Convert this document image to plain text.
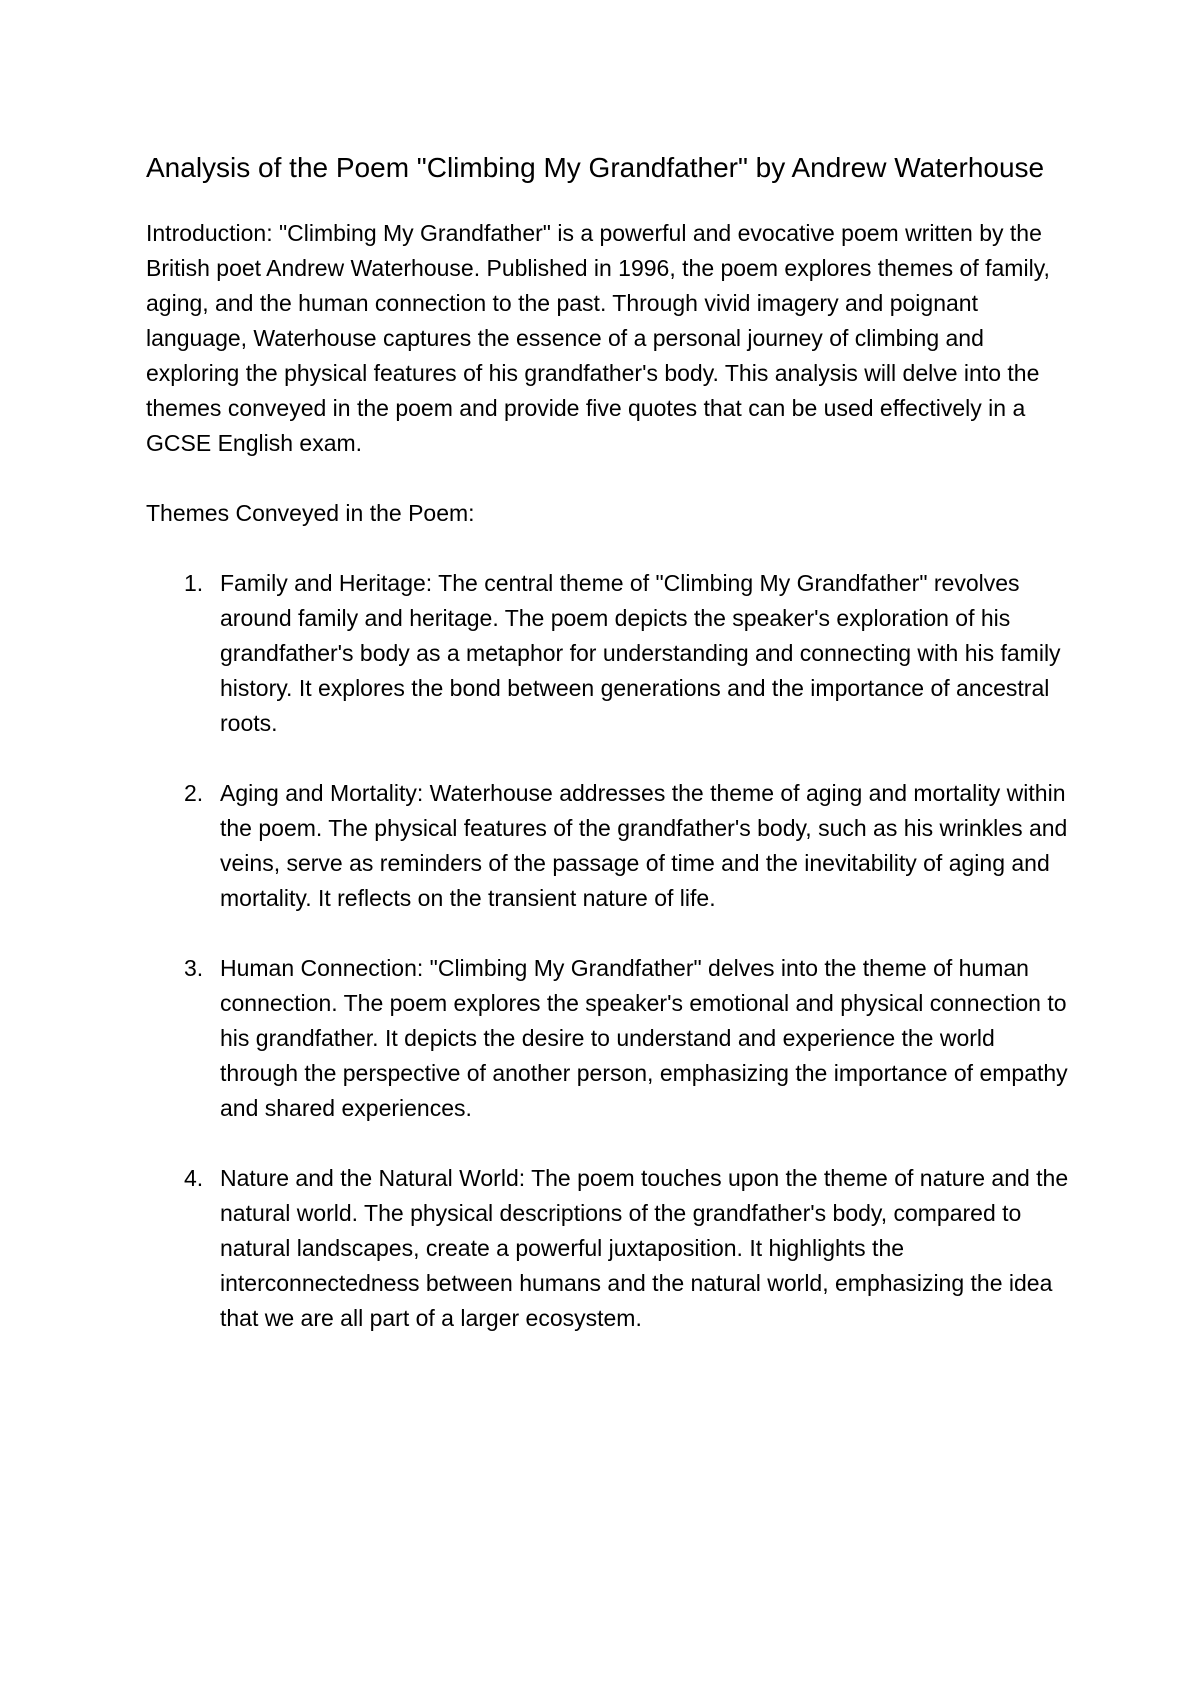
Analysis of the Poem "Climbing My Grandfather" by Andrew Waterhouse

Introduction: "Climbing My Grandfather" is a powerful and evocative poem written by the British poet Andrew Waterhouse. Published in 1996, the poem explores themes of family, aging, and the human connection to the past. Through vivid imagery and poignant language, Waterhouse captures the essence of a personal journey of climbing and exploring the physical features of his grandfather's body. This analysis will delve into the themes conveyed in the poem and provide five quotes that can be used effectively in a GCSE English exam.

Themes Conveyed in the Poem:

1. Family and Heritage: The central theme of "Climbing My Grandfather" revolves around family and heritage. The poem depicts the speaker's exploration of his grandfather's body as a metaphor for understanding and connecting with his family history. It explores the bond between generations and the importance of ancestral roots.
2. Aging and Mortality: Waterhouse addresses the theme of aging and mortality within the poem. The physical features of the grandfather's body, such as his wrinkles and veins, serve as reminders of the passage of time and the inevitability of aging and mortality. It reflects on the transient nature of life.
3. Human Connection: "Climbing My Grandfather" delves into the theme of human connection. The poem explores the speaker's emotional and physical connection to his grandfather. It depicts the desire to understand and experience the world through the perspective of another person, emphasizing the importance of empathy and shared experiences.
4. Nature and the Natural World: The poem touches upon the theme of nature and the natural world. The physical descriptions of the grandfather's body, compared to natural landscapes, create a powerful juxtaposition. It highlights the interconnectedness between humans and the natural world, emphasizing the idea that we are all part of a larger ecosystem.
